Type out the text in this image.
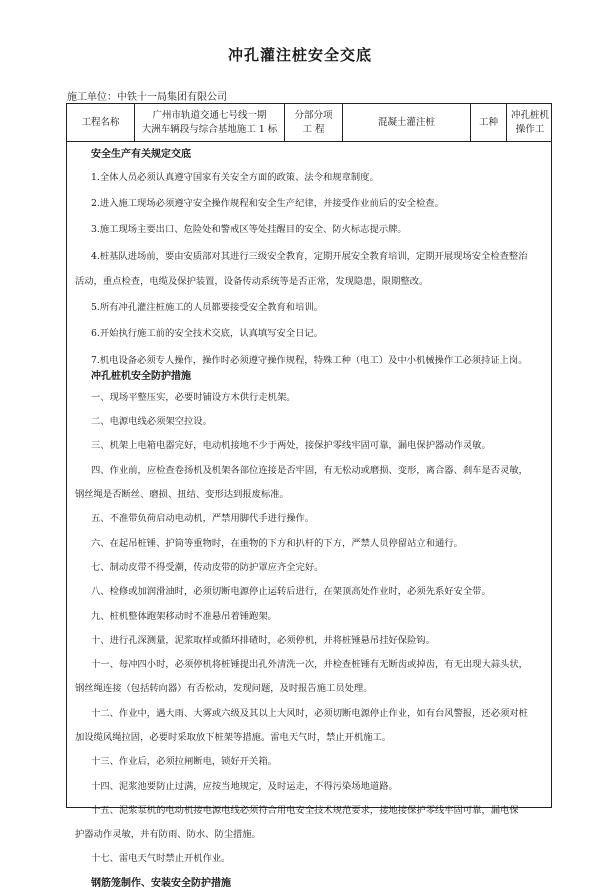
冲孔灌注桩安全交底
施工单位：中铁十一局集团有限公司
工程名称
广州市轨道交通七号线一期
大洲车辆段与综合基地施工 1 标
分部分项
工 程
混凝土灌注桩	工种
冲孔桩机
操作工
安全生产有关规定交底
1.全体人员必须认真遵守国家有关安全方面的政策、法令和规章制度。
2.进入施工现场必须遵守安全操作规程和安全生产纪律，并接受作业前后的安全检查。
3.施工现场主要出口、危险处和警戒区等处挂醒目的安全、防火标志提示牌。
4.桩基队进场前，要由安质部对其进行三级安全教育，定期开展安全教育培训，定期开展现场安全检查整治
活动，重点检查，电缆及保护装置，设备传动系统等是否正常，发现隐患，限期整改。
5.所有冲孔灌注桩施工的人员都要接受安全教育和培训。
6.开始执行施工前的安全技术交底，认真填写安全日记。
7.机电设备必须专人操作，操作时必须遵守操作规程，特殊工种（电工）及中小机械操作工必须持证上岗。
冲孔桩机安全防护措施
一、现场平整压实，必要时铺设方木供行走机架。
二、电源电线必须架空拉设。
三、机架上电箱电器完好，电动机接地不少于两处，接保护零线牢固可靠，漏电保护器动作灵敏。
四、作业前，应检查卷扬机及机架各部位连接是否牢固，有无松动或磨损、变形，离合器、刹车是否灵敏，
钢丝绳是否断丝、磨损、扭结、变形达到报废标准。
五、不准带负荷启动电动机，严禁用脚代手进行操作。
六、在起吊桩锤、护筒等重物时，在重物的下方和扒杆的下方，严禁人员停留站立和通行。
七、制动皮带不得受潮，传动皮带的防护罩应齐全完好。
八、检修或加润滑油时，必须切断电源停止运转后进行，在架顶高处作业时，必须先系好安全带。
九、桩机整体跑架移动时不准悬吊着锤跑架。
十、进行孔深测量，泥浆取样或循环排碴时，必须停机，并将桩锤悬吊挂好保险钩。
十一、每冲四小时，必须停机将桩锤提出孔外清洗一次，并检查桩锤有无断齿或掉齿，有无出现大蒜头状，
钢丝绳连接（包括转向器）有否松动，发现问题，及时报告施工员处理。
十二、作业中，遇大雨、大雾或六级及其以上大风时，必须切断电源停止作业，如有台风警报，还必须对桩
加设缆风绳拉固，必要时采取放下桩架等措施。雷电天气时，禁止开机施工。
十三、作业后，必须拉闸断电，锁好开关箱。
十四、泥浆池要防止过满，应按当地规定，及时运走，不得污染场地道路。
十五、泥浆泵机的电动机接电源电线必须符合用电安全技术规范要求，接地接保护零线牢固可靠，漏电保
护器动作灵敏，并有防雨、防水、防尘措施。
十七、雷电天气时禁止开机作业。
钢筋笼制作、安装安全防护措施
